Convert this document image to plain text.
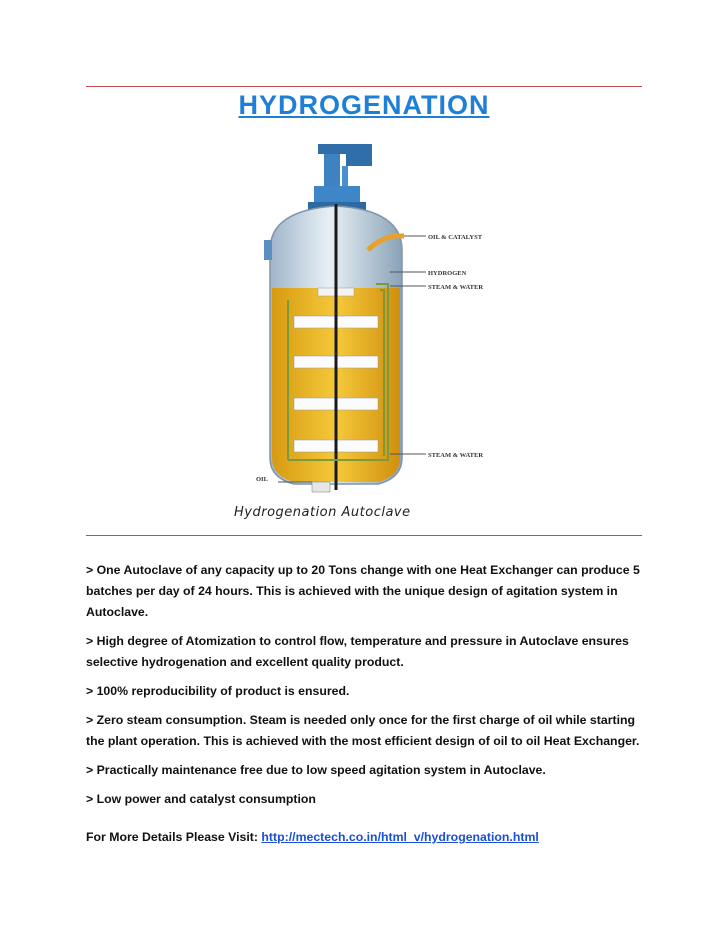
HYDROGENATION
OIL & CATALYST
HYDROGEN
STEAM & WATER
STEAM & WATER
OIL
Hydrogenation Autoclave

> One Autoclave of any capacity up to 20 Tons change with one Heat Exchanger can produce 5 batches per day of 24 hours. This is achieved with the unique design of agitation system in Autoclave.

> High degree of Atomization to control flow, temperature and pressure in Autoclave ensures selective hydrogenation and excellent quality product.

> 100% reproducibility of product is ensured.

> Zero steam consumption. Steam is needed only once for the first charge of oil while starting the plant operation. This is achieved with the most efficient design of oil to oil Heat Exchanger.

> Practically maintenance free due to low speed agitation system in Autoclave.

> Low power and catalyst consumption

For More Details Please Visit: http://mectech.co.in/html_v/hydrogenation.html
